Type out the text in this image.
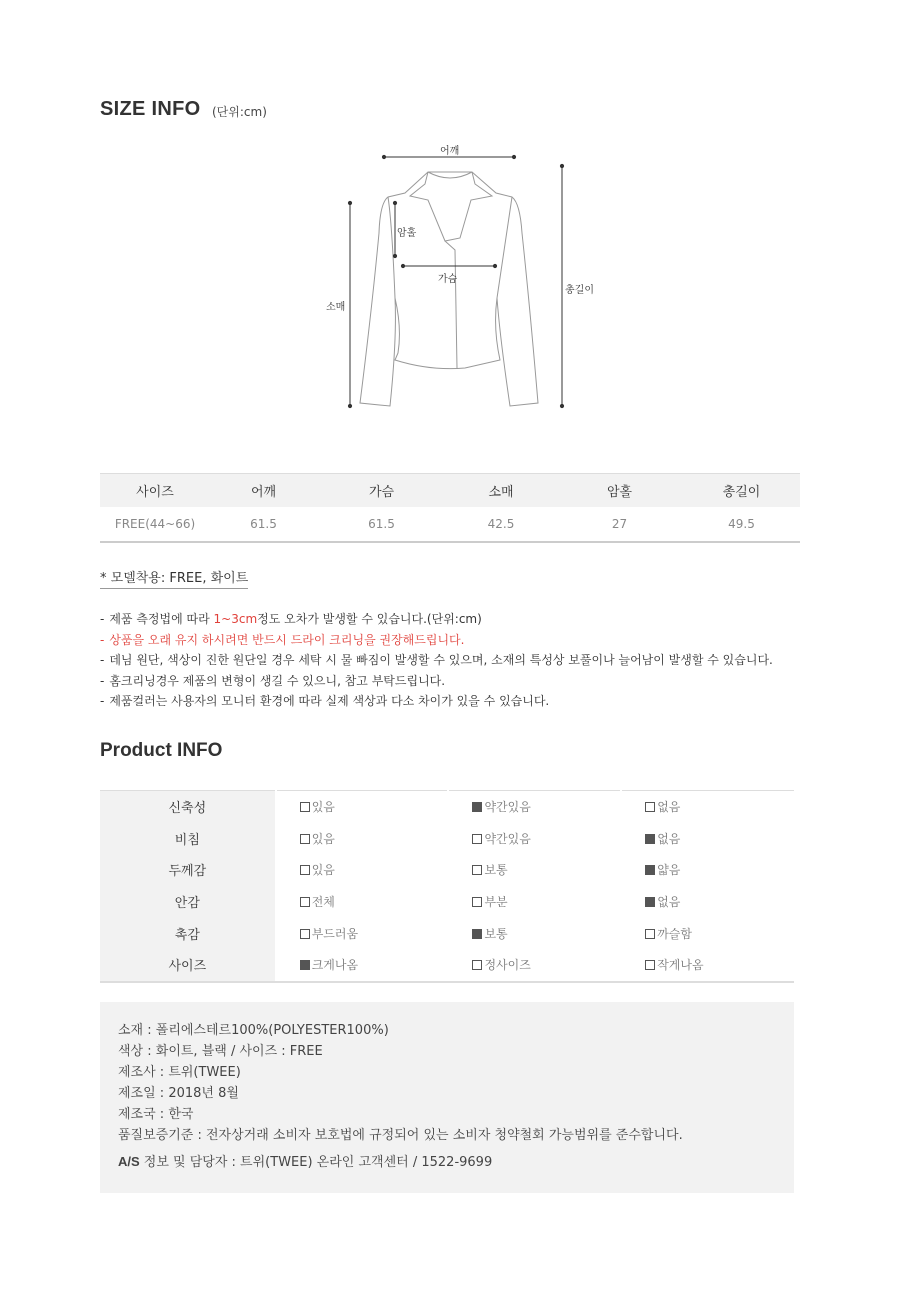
SIZE INFO (단위:cm)
어깨
암홀
가슴
소매
총길이
사이즈	어깨	가슴	소매	암홀	총길이
FREE(44~66)	61.5	61.5	42.5	27	49.5
* 모델착용: FREE, 화이트
- 제품 측정법에 따라 1~3cm정도 오차가 발생할 수 있습니다.(단위:cm)
- 상품을 오래 유지 하시려면 반드시 드라이 크리닝을 권장해드립니다.
- 데님 원단, 색상이 진한 원단일 경우 세탁 시 물 빠짐이 발생할 수 있으며, 소재의 특성상 보풀이나 늘어남이 발생할 수 있습니다.
- 홈크리닝경우 제품의 변형이 생길 수 있으니, 참고 부탁드립니다.
- 제품컬러는 사용자의 모니터 환경에 따라 실제 색상과 다소 차이가 있을 수 있습니다.
Product INFO
신축성	있음	약간있음	없음
비침	있음	약간있음	없음
두께감	있음	보통	얇음
안감	전체	부분	없음
촉감	부드러움	보통	까슬함
사이즈	크게나옴	정사이즈	작게나옴
소재 : 폴리에스테르100%(POLYESTER100%)
색상 : 화이트, 블랙 / 사이즈 : FREE
제조사 : 트위(TWEE)
제조일 : 2018년 8월
제조국 : 한국
품질보증기준 : 전자상거래 소비자 보호법에 규정되어 있는 소비자 청약철회 가능범위를 준수합니다.
A/S 정보 및 담당자 : 트위(TWEE) 온라인 고객센터 / 1522-9699
